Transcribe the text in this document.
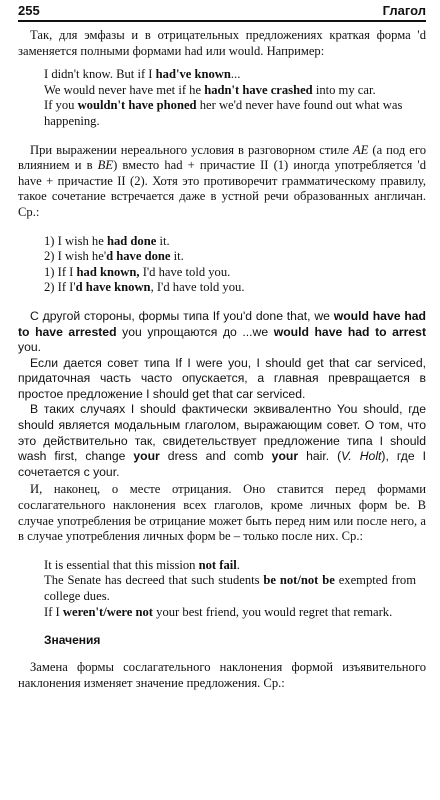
255	Глагол

Так, для эмфазы и в отрицательных предложениях краткая форма 'd заменяется полными формами had или would. Например:

I didn't know. But if I had've known...
We would never have met if he hadn't have crashed into my car.
If you wouldn't have phoned her we'd never have found out what was happening.

При выражении нереального условия в разговорном стиле AE (а под его влиянием и в BE) вместо had + причастие II (1) иногда употребляется 'd have + причастие II (2). Хотя это противоречит грамматическому правилу, такое сочетание встречается даже в устной речи образованных англичан. Ср.:

1) I wish he had done it.
2) I wish he'd have done it.
1) If I had known, I'd have told you.
2) If I'd have known, I'd have told you.

С другой стороны, формы типа If you'd done that, we would have had to have arrested you упрощаются до ...we would have had to arrest you.

Если дается совет типа If I were you, I should get that car serviced, придаточная часть часто опускается, а главная превращается в простое предложение I should get that car serviced.

В таких случаях I should фактически эквивалентно You should, где should является модальным глаголом, выражающим совет. О том, что это действительно так, свидетельствует предложение типа I should wash first, change your dress and comb your hair. (V. Holt), где I сочетается с your.

И, наконец, о месте отрицания. Оно ставится перед формами сослагательного наклонения всех глаголов, кроме личных форм be. В случае употребления be отрицание может быть перед ним или после него, а в случае употребления личных форм be – только после них. Ср.:

It is essential that this mission not fail.
The Senate has decreed that such students be not/not be exempted from college dues.
If I weren't/were not your best friend, you would regret that remark.
Значения

Замена формы сослагательного наклонения формой изъявительного наклонения изменяет значение предложения. Ср.:
